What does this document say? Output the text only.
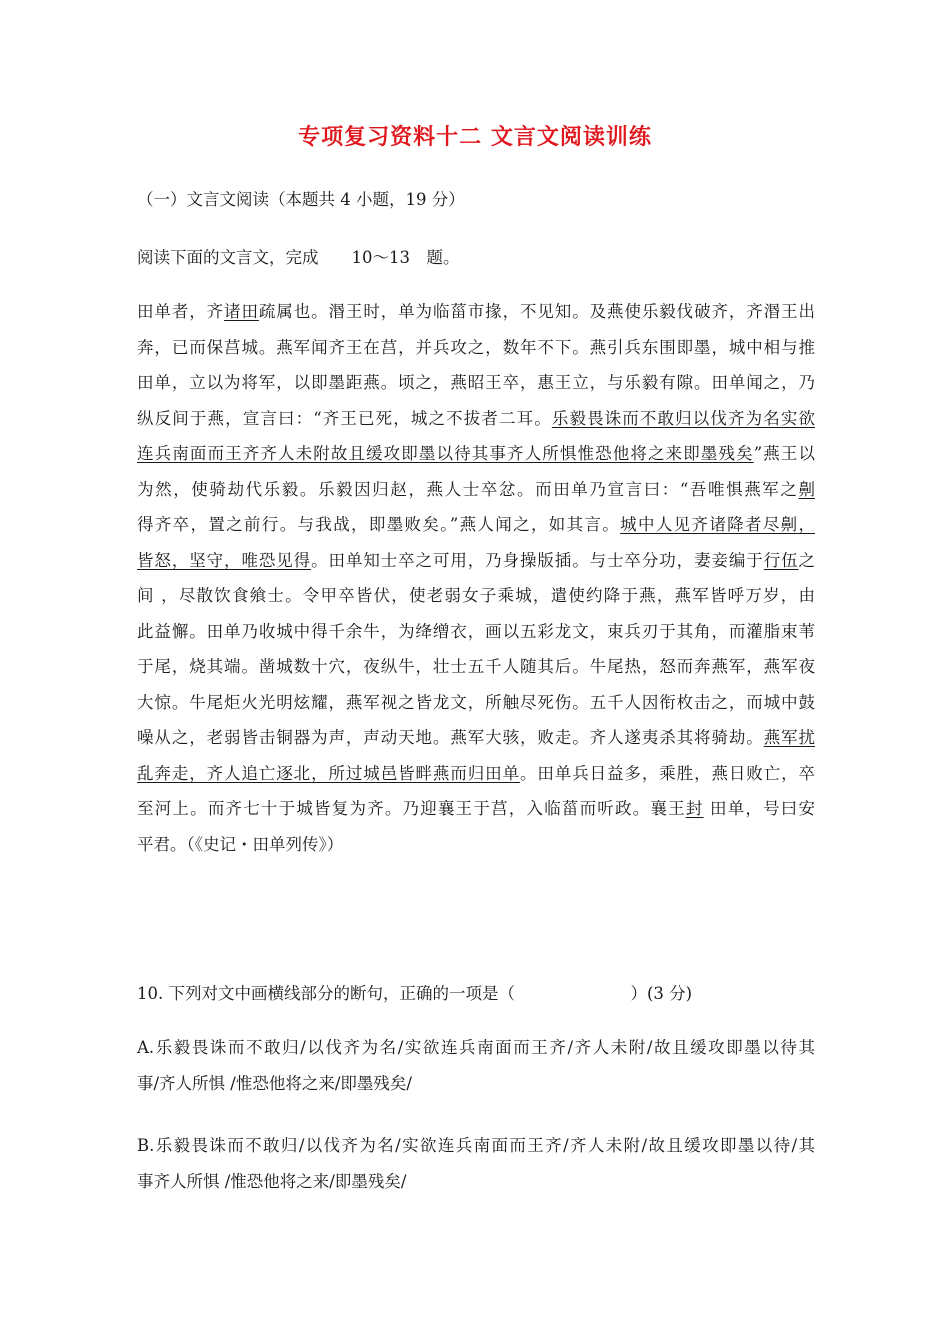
专项复习资料十二 文言文阅读训练
（一）文言文阅读（本题共 4 小题，19 分）
阅读下面的文言文，完成　　10～13　题。
田单者，齐诸田疏属也。湣王时，单为临菑市掾，不见知。及燕使乐毅伐破齐，齐湣王出
奔，已而保莒城。燕军闻齐王在莒，并兵攻之，数年不下。燕引兵东围即墨，城中相与推
田单，立以为将军，以即墨距燕。顷之，燕昭王卒，惠王立，与乐毅有隙。田单闻之，乃
纵反间于燕，宣言曰：“齐王已死，城之不拔者二耳。乐毅畏诛而不敢归以伐齐为名实欲
连兵南面而王齐齐人未附故且缓攻即墨以待其事齐人所惧惟恐他将之来即墨残矣”燕王以
为然，使骑劫代乐毅。乐毅因归赵，燕人士卒忿。而田单乃宣言曰：“吾唯惧燕军之劓
得齐卒，置之前行。与我战，即墨败矣。”燕人闻之，如其言。城中人见齐诸降者尽劓，
皆怒，坚守，唯恐见得。田单知士卒之可用，乃身操版插。与士卒分功，妻妾编于行伍之
间 ，尽散饮食飨士。令甲卒皆伏，使老弱女子乘城，遣使约降于燕，燕军皆呼万岁，由
此益懈。田单乃收城中得千余牛，为绛缯衣，画以五彩龙文，束兵刃于其角，而灌脂束苇
于尾，烧其端。凿城数十穴，夜纵牛，壮士五千人随其后。牛尾热，怒而奔燕军，燕军夜
大惊。牛尾炬火光明炫耀，燕军视之皆龙文，所触尽死伤。五千人因衔枚击之，而城中鼓
噪从之，老弱皆击铜器为声，声动天地。燕军大骇，败走。齐人遂夷杀其将骑劫。燕军扰
乱奔走，齐人追亡逐北，所过城邑皆畔燕而归田单。田单兵日益多，乘胜，燕日败亡，卒
至河上。而齐七十于城皆复为齐。乃迎襄王于莒，入临菑而听政。襄王封 田单，号曰安
平君。（《史记・田单列传》）
10. 下列对文中画横线部分的断句，正确的一项是（　　　　　　　）(3 分)
A.乐毅畏诛而不敢归/以伐齐为名/实欲连兵南面而王齐/齐人未附/故且缓攻即墨以待其
事/齐人所惧 /惟恐他将之来/即墨残矣/
B.乐毅畏诛而不敢归/以伐齐为名/实欲连兵南面而王齐/齐人未附/故且缓攻即墨以待/其
事齐人所惧 /惟恐他将之来/即墨残矣/
